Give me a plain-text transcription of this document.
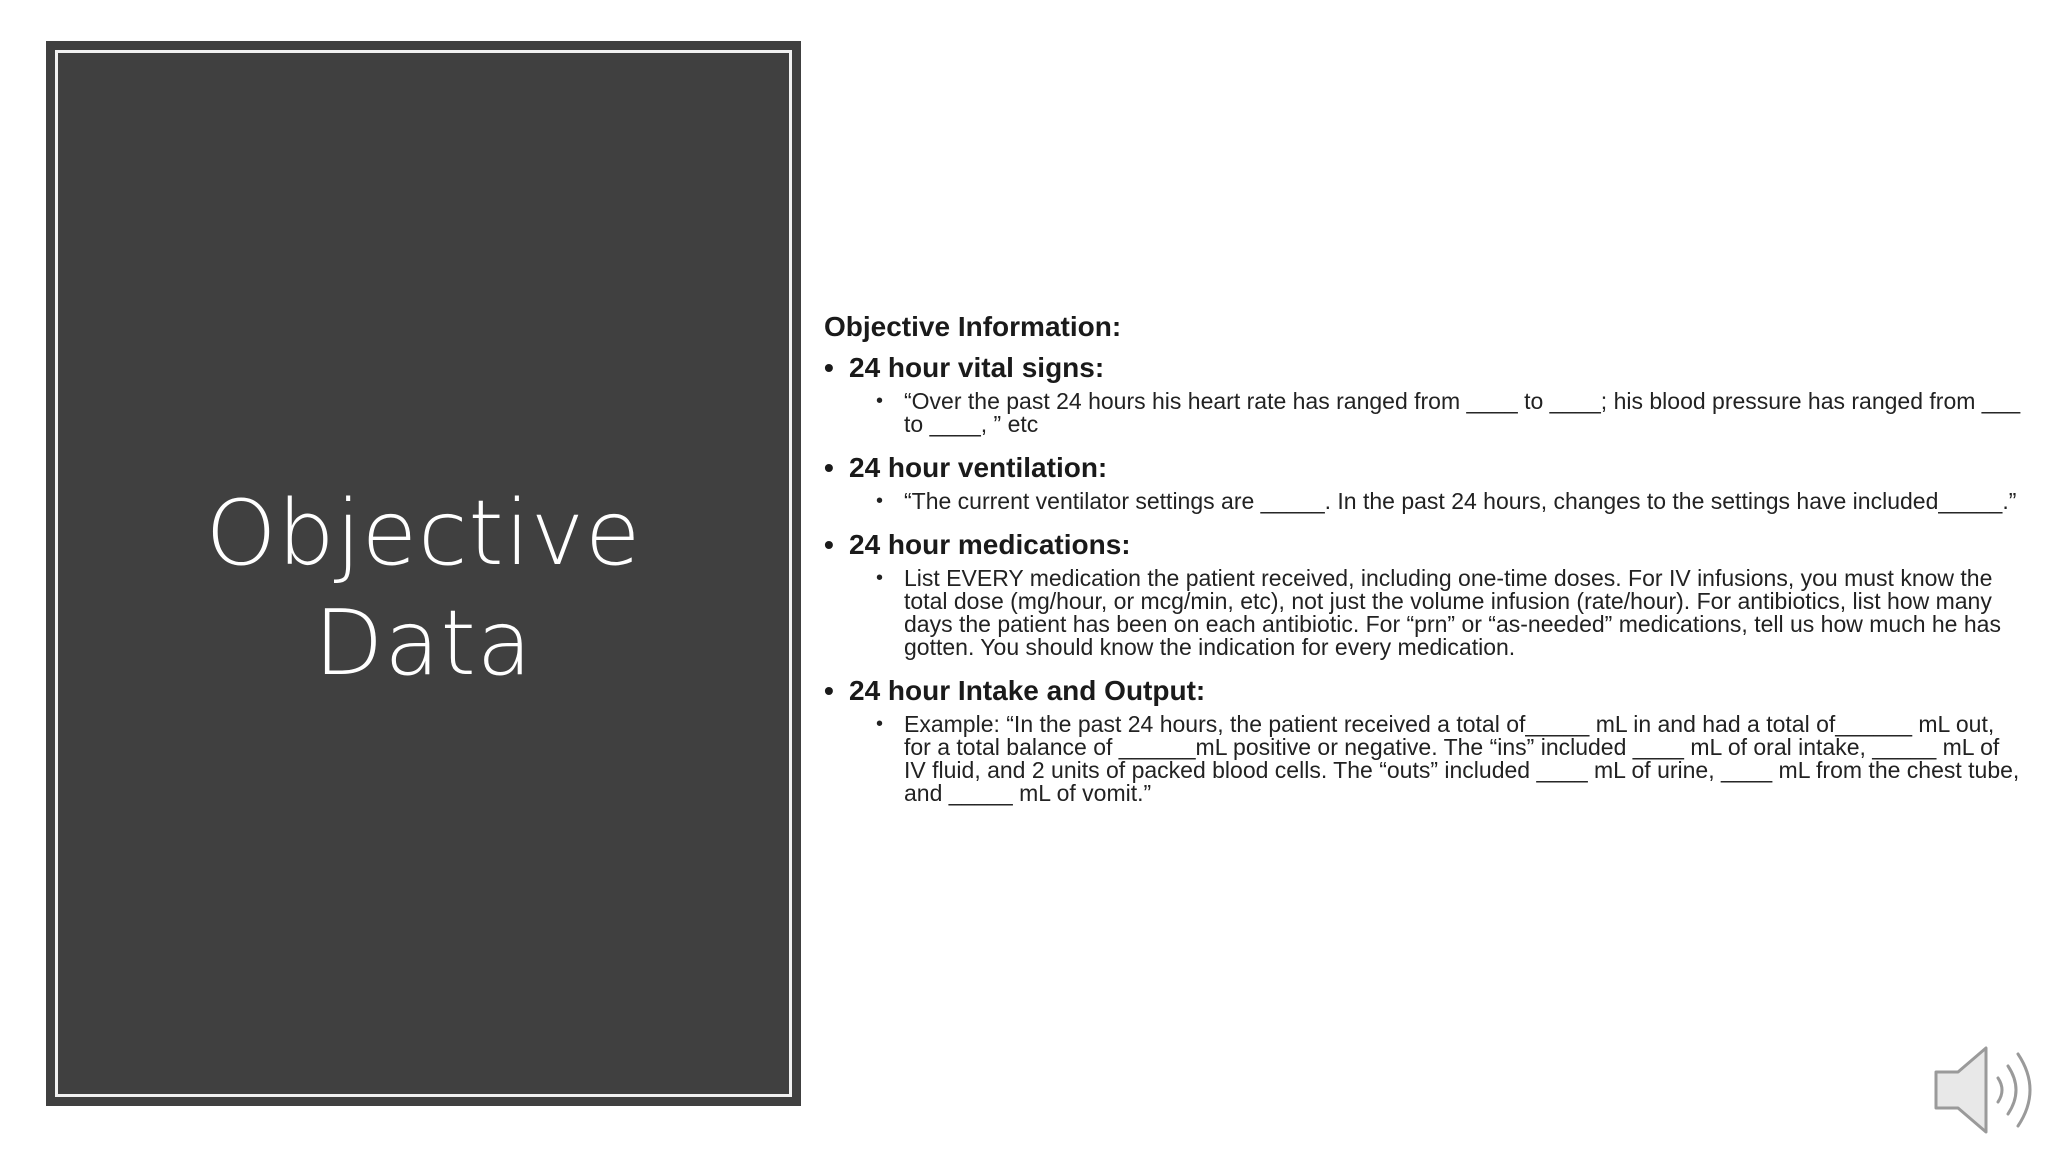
Objective
Data
Objective Information:
• 24 hour vital signs:
• “Over the past 24 hours his heart rate has ranged from ____ to ____; his blood pressure has ranged from ___ to ____, ” etc
• 24 hour ventilation:
• “The current ventilator settings are _____. In the past 24 hours, changes to the settings have included_____.”
• 24 hour medications:
• List EVERY medication the patient received, including one-time doses. For IV infusions, you must know the total dose (mg/hour, or mcg/min, etc), not just the volume infusion (rate/hour). For antibiotics, list how many days the patient has been on each antibiotic. For “prn” or “as-needed” medications, tell us how much he has gotten. You should know the indication for every medication.
• 24 hour Intake and Output:
• Example: “In the past 24 hours, the patient received a total of_____ mL in and had a total of______ mL out, for a total balance of ______mL positive or negative. The “ins” included ____ mL of oral intake, _____ mL of IV fluid, and 2 units of packed blood cells. The “outs” included ____ mL of urine, ____ mL from the chest tube, and _____ mL of vomit.”
